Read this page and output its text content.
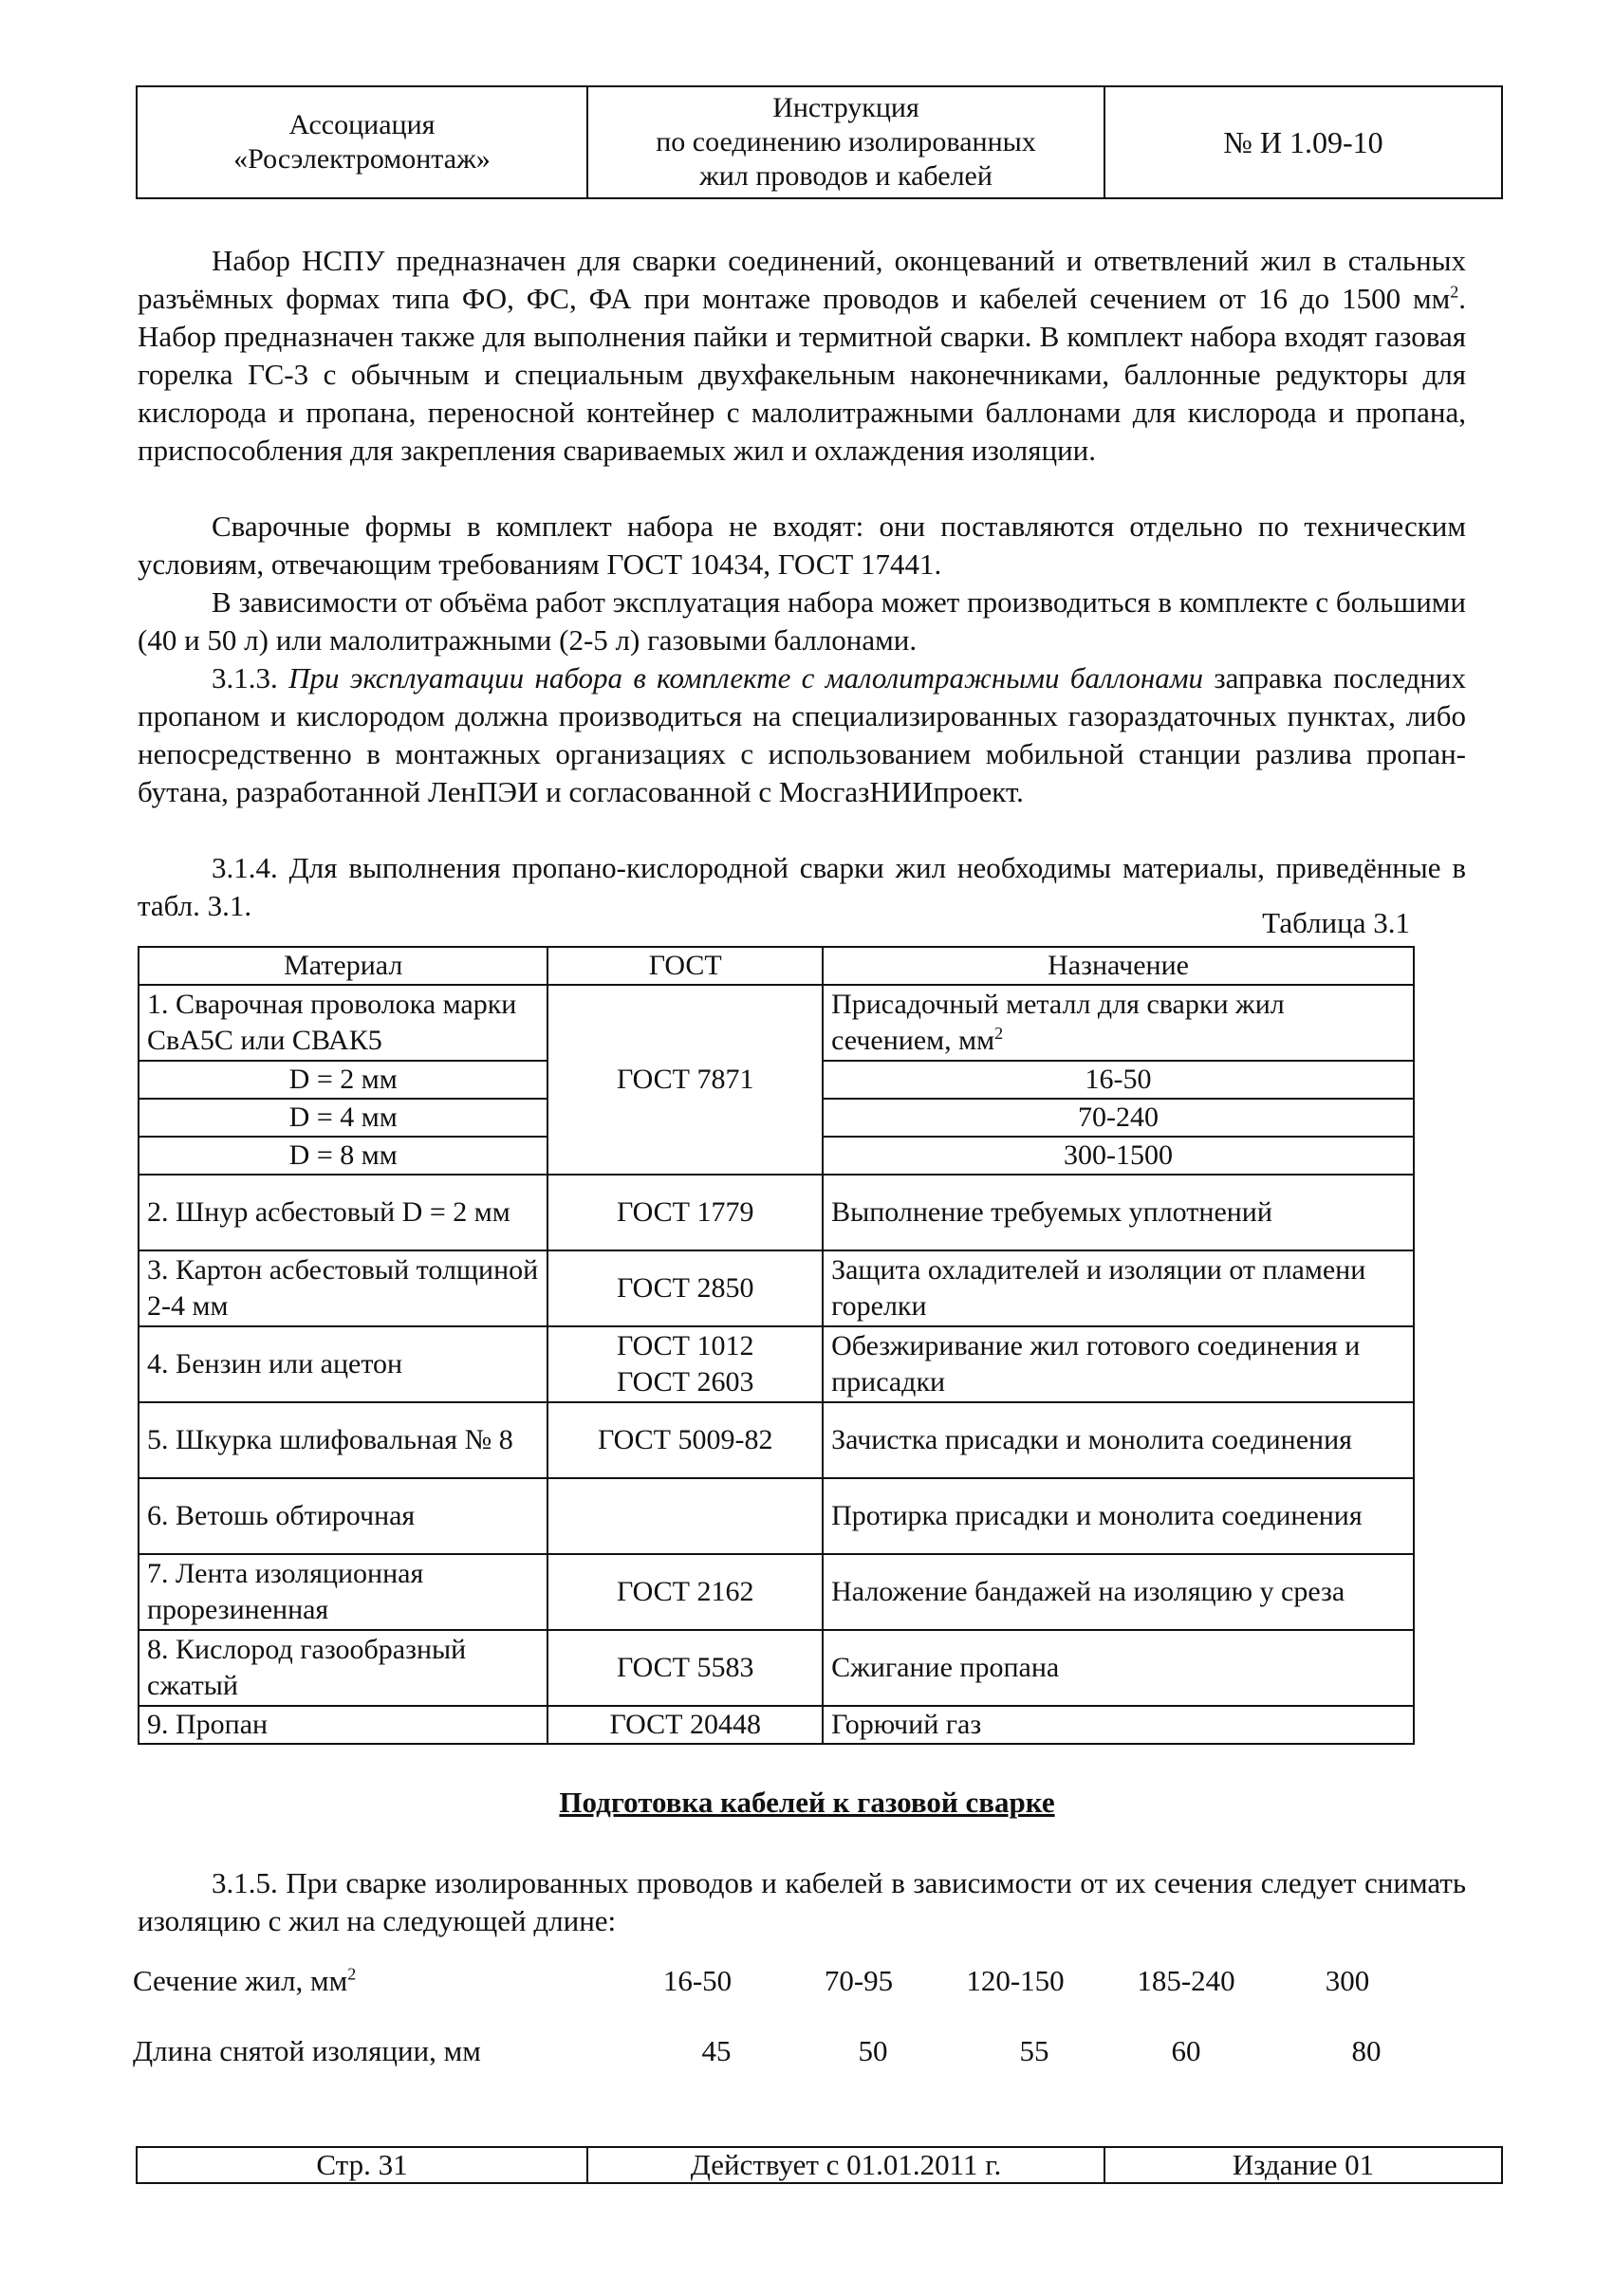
Ассоциация
«Росэлектромонтаж»
Инструкция
по соединению изолированных
жил проводов и кабелей
№ И 1.09-10

Набор НСПУ предназначен для сварки соединений, оконцеваний и ответвлений жил в стальных разъёмных формах типа ФО, ФС, ФА при монтаже проводов и кабелей сечением от 16 до 1500 $мм^2$. Набор предназначен также для выполнения пайки и термитной сварки. В комплект набора входят газовая горелка ГС-3 с обычным и специальным двухфакельным наконечниками, баллонные редукторы для кислорода и пропана, переносной контейнер с малолитражными баллонами для кислорода и пропана, приспособления для закрепления свариваемых жил и охлаждения изоляции.

Сварочные формы в комплект набора не входят: они поставляются отдельно по техническим условиям, отвечающим требованиям ГОСТ 10434, ГОСТ 17441.

В зависимости от объёма работ эксплуатация набора может производиться в комплекте с большими (40 и 50 л) или малолитражными (2-5 л) газовыми баллонами.

3.1.3. При эксплуатации набора в комплекте с малолитражными баллонами заправка последних пропаном и кислородом должна производиться на специализированных газораздаточных пунктах, либо непосредственно в монтажных организациях с использованием мобильной станции разлива пропан-бутана, разработанной ЛенПЭИ и согласованной с МосгазНИИпроект.

3.1.4. Для выполнения пропано-кислородной сварки жил необходимы материалы, приведённые в табл. 3.1.

Таблица 3.1
Материал	ГОСТ	Назначение
1. Сварочная проволока марки СвА5С или СВАК5	ГОСТ 7871	Присадочный металл для сварки жил сечением, $мм^2$
D = 2 мм		16-50
D = 4 мм		70-240
D = 8 мм		300-1500
2. Шнур асбестовый D = 2 мм	ГОСТ 1779	Выполнение требуемых уплотнений
3. Картон асбестовый толщиной 2-4 мм	ГОСТ 2850	Защита охладителей и изоляции от пламени горелки
4. Бензин или ацетон	ГОСТ 1012 ГОСТ 2603	Обезжиривание жил готового соединения и присадки
5. Шкурка шлифовальная № 8	ГОСТ 5009-82	Зачистка присадки и монолита соединения
6. Ветошь обтирочная		Протирка присадки и монолита соединения
7. Лента изоляционная прорезиненная	ГОСТ 2162	Наложение бандажей на изоляцию у среза
8. Кислород газообразный сжатый	ГОСТ 5583	Сжигание пропана
9. Пропан	ГОСТ 20448	Горючий газ
Подготовка кабелей к газовой сварке

3.1.5. При сварке изолированных проводов и кабелей в зависимости от их сечения следует снимать изоляцию с жил на следующей длине:

Сечение жил, $мм^2$	16-50	70-95	120-150	185-240	300
Длина снятой изоляции, мм	45	50	55	60	80
Стр. 31	Действует с 01.01.2011 г.	Издание 01
